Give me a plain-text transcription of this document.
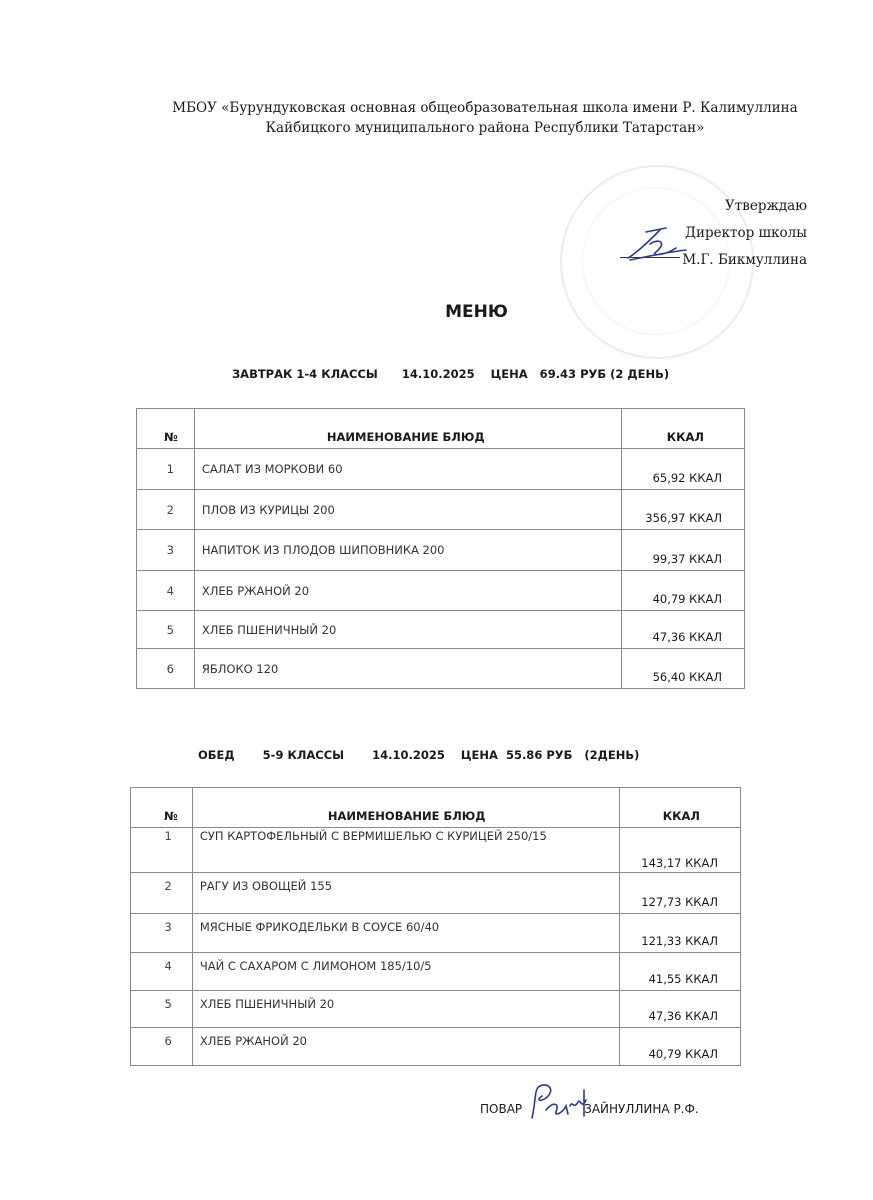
МБОУ «Бурундуковская основная общеобразовательная школа имени Р. Калимуллина
Кайбицкого муниципального района Республики Татарстан»
Утверждаю
Директор школы
М.Г. Бикмуллина
МЕНЮ
ЗАВТРАК 1-4 КЛАССЫ      14.10.2025    ЦЕНА   69.43 РУБ (2 ДЕНЬ)
№	НАИМЕНОВАНИЕ БЛЮД	ККАЛ
1	САЛАТ ИЗ МОРКОВИ 60	65,92 ККАЛ
2	ПЛОВ ИЗ КУРИЦЫ 200	356,97 ККАЛ
3	НАПИТОК ИЗ ПЛОДОВ ШИПОВНИКА 200	99,37 ККАЛ
4	ХЛЕБ РЖАНОЙ 20	40,79 ККАЛ
5	ХЛЕБ ПШЕНИЧНЫЙ 20	47,36 ККАЛ
6	ЯБЛОКО 120	56,40 ККАЛ
ОБЕД       5-9 КЛАССЫ       14.10.2025    ЦЕНА  55.86 РУБ   (2ДЕНЬ)
№	НАИМЕНОВАНИЕ БЛЮД	ККАЛ
1	СУП КАРТОФЕЛЬНЫЙ С ВЕРМИШЕЛЬЮ С КУРИЦЕЙ 250/15	143,17 ККАЛ
2	РАГУ ИЗ ОВОЩЕЙ 155	127,73 ККАЛ
3	МЯСНЫЕ ФРИКОДЕЛЬКИ В СОУСЕ 60/40	121,33 ККАЛ
4	ЧАЙ С САХАРОМ С ЛИМОНОМ 185/10/5	41,55 ККАЛ
5	ХЛЕБ ПШЕНИЧНЫЙ 20	47,36 ККАЛ
6	ХЛЕБ РЖАНОЙ 20	40,79 ККАЛ
ПОВАР	ЗАЙНУЛЛИНА Р.Ф.
